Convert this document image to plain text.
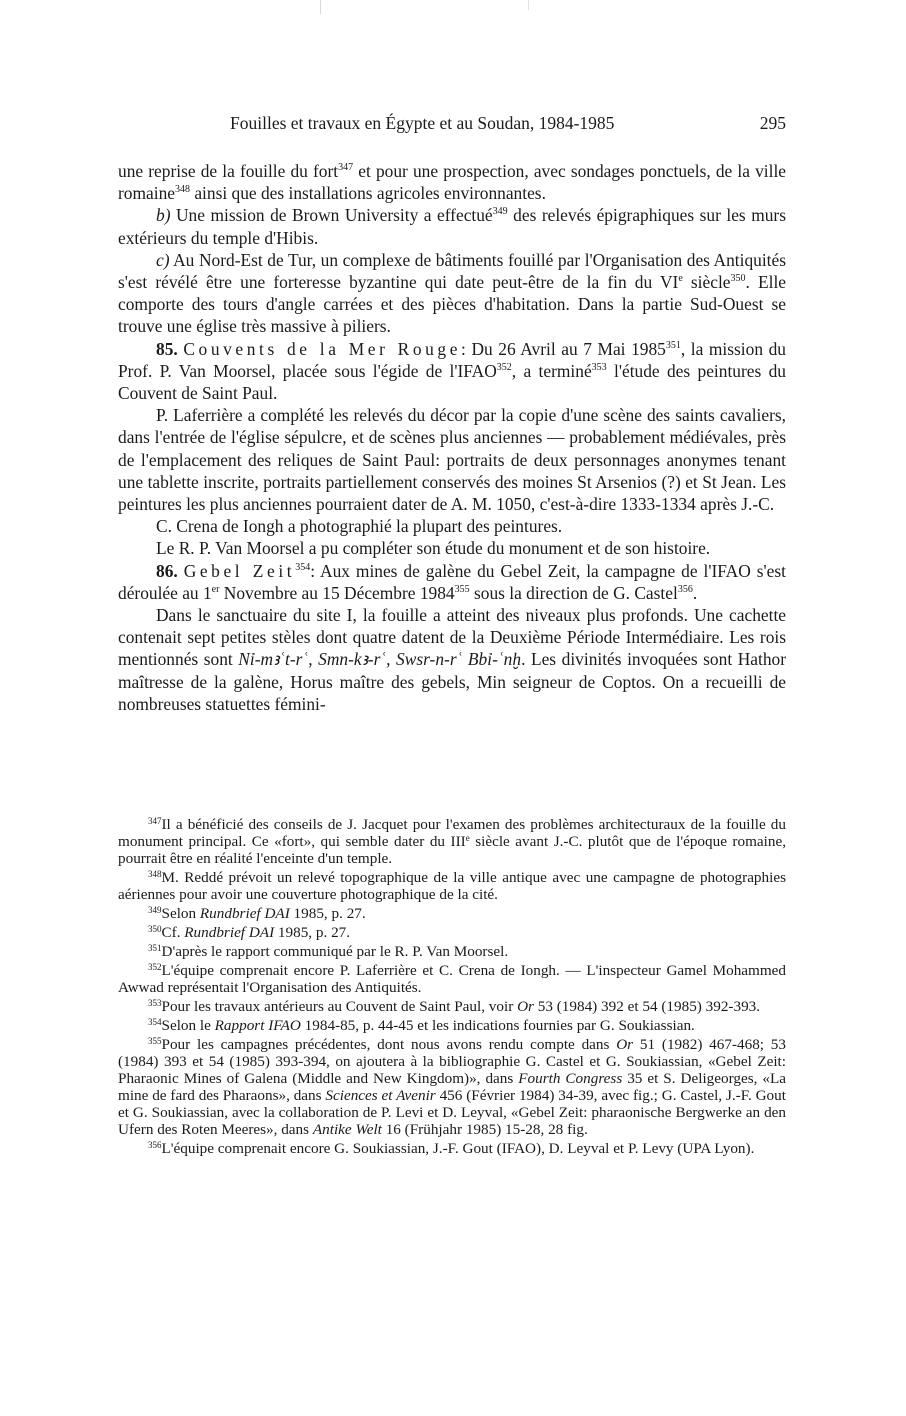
Fouilles et travaux en Égypte et au Soudan, 1984-1985	295

une reprise de la fouille du fort$^{347}$ et pour une prospection, avec sondages ponctuels, de la ville romaine$^{348}$ ainsi que des installations agricoles environnantes.

b) Une mission de Brown University a effectué$^{349}$ des relevés épigraphiques sur les murs extérieurs du temple d'Hibis.

c) Au Nord-Est de Tur, un complexe de bâtiments fouillé par l'Organisation des Antiquités s'est révélé être une forteresse byzantine qui date peut-être de la fin du VIe siècle$^{350}$. Elle comporte des tours d'angle carrées et des pièces d'habitation. Dans la partie Sud-Ouest se trouve une église très massive à piliers.

85. Couvents de la Mer Rouge: Du 26 Avril au 7 Mai 1985$^{351}$, la mission du Prof. P. Van Moorsel, placée sous l'égide de l'IFAO$^{352}$, a terminé$^{353}$ l'étude des peintures du Couvent de Saint Paul.

P. Laferrière a complété les relevés du décor par la copie d'une scène des saints cavaliers, dans l'entrée de l'église sépulcre, et de scènes plus anciennes — probablement médiévales, près de l'emplacement des reliques de Saint Paul: portraits de deux personnages anonymes tenant une tablette inscrite, portraits partiellement conservés des moines St Arsenios (?) et St Jean. Les peintures les plus anciennes pourraient dater de A. M. 1050, c'est-à-dire 1333-1334 après J.-C.

C. Crena de Iongh a photographié la plupart des peintures.

Le R. P. Van Moorsel a pu compléter son étude du monument et de son histoire.

86. Gebel Zeit$^{354}$: Aux mines de galène du Gebel Zeit, la campagne de l'IFAO s'est déroulée au 1er Novembre au 15 Décembre 1984$^{355}$ sous la direction de G. Castel$^{356}$.

Dans le sanctuaire du site I, la fouille a atteint des niveaux plus profonds. Une cachette contenait sept petites stèles dont quatre datent de la Deuxième Période Intermédiaire. Les rois mentionnés sont Nỉ-mꜣʿt-rʿ, Smn-kꜣ-rʿ, Swsr-n-rʿ Bbỉ-ʿnḫ. Les divinités invoquées sont Hathor maîtresse de la galène, Horus maître des gebels, Min seigneur de Coptos. On a recueilli de nombreuses statuettes fémini-

$^{347}$Il a bénéficié des conseils de J. Jacquet pour l'examen des problèmes architecturaux de la fouille du monument principal. Ce «fort», qui semble dater du IIIe siècle avant J.-C. plutôt que de l'époque romaine, pourrait être en réalité l'enceinte d'un temple.

$^{348}$M. Reddé prévoit un relevé topographique de la ville antique avec une campagne de photographies aériennes pour avoir une couverture photographique de la cité.

$^{349}$Selon Rundbrief DAI 1985, p. 27.

$^{350}$Cf. Rundbrief DAI 1985, p. 27.

$^{351}$D'après le rapport communiqué par le R. P. Van Moorsel.

$^{352}$L'équipe comprenait encore P. Laferrière et C. Crena de Iongh. — L'inspecteur Gamel Mohammed Awwad représentait l'Organisation des Antiquités.

$^{353}$Pour les travaux antérieurs au Couvent de Saint Paul, voir Or 53 (1984) 392 et 54 (1985) 392-393.

$^{354}$Selon le Rapport IFAO 1984-85, p. 44-45 et les indications fournies par G. Soukiassian.

$^{355}$Pour les campagnes précédentes, dont nous avons rendu compte dans Or 51 (1982) 467-468; 53 (1984) 393 et 54 (1985) 393-394, on ajoutera à la bibliographie G. Castel et G. Soukiassian, «Gebel Zeit: Pharaonic Mines of Galena (Middle and New Kingdom)», dans Fourth Congress 35 et S. Deligeorges, «La mine de fard des Pharaons», dans Sciences et Avenir 456 (Février 1984) 34-39, avec fig.; G. Castel, J.-F. Gout et G. Soukiassian, avec la collaboration de P. Levi et D. Leyval, «Gebel Zeit: pharaonische Bergwerke an den Ufern des Roten Meeres», dans Antike Welt 16 (Frühjahr 1985) 15-28, 28 fig.

$^{356}$L'équipe comprenait encore G. Soukiassian, J.-F. Gout (IFAO), D. Leyval et P. Levy (UPA Lyon).
